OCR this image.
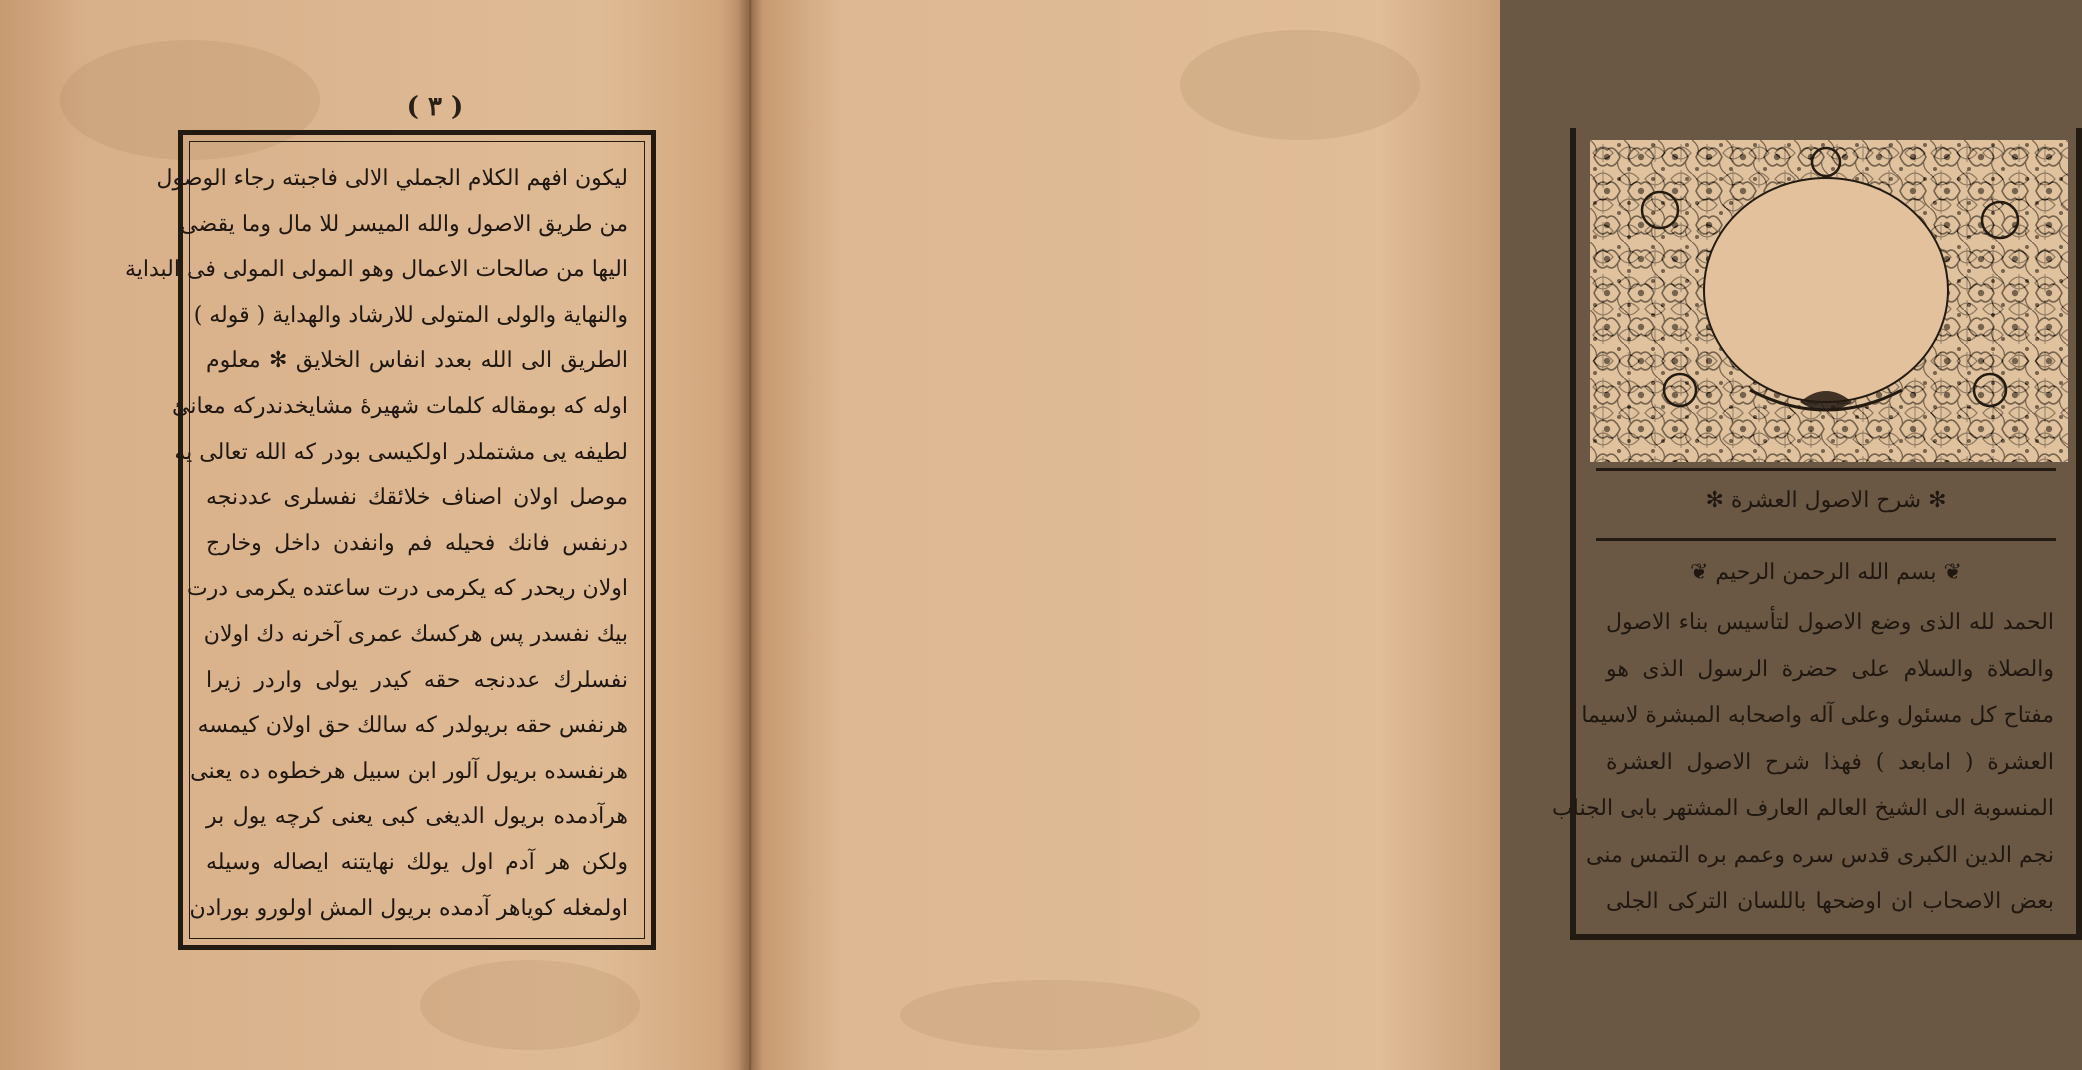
( ٣ )
ليكون افهم الكلام الجملي الالى فاجبته رجاء الوصول
من طريق الاصول والله الميسر للا مال وما يقضى
اليها من صالحات الاعمال وهو المولى المولى فى البداية
والنهاية والولى المتولى للارشاد والهداية ( قوله )
الطريق الى الله بعدد انفاس الخلايق ✻ معلوم
اوله كه بومقاله كلمات شهيرهٔ مشايخدندركه معانئ
لطيفه يى مشتملدر اولكيسى بودر كه الله تعالى يه
موصل اولان اصناف خلائقك نفسلرى عددنجه
درنفس فانك فحيله فم وانفدن داخل وخارج
اولان ريحدر كه يكرمى درت ساعتده يكرمى درت
بيك نفسدر پس هركسك عمرى آخرنه دك اولان
نفسلرك عددنجه حقه كيدر يولى واردر زيرا
هرنفس حقه بريولدر كه سالك حق اولان كيمسه
هرنفسده بريول آلور ابن سبيل هرخطوه ده يعنى
هرآدمده بريول الديغى كبى يعنى كرچه يول بر
ولكن هر آدم اول يولك نهايتنه ايصاله وسيله
اولمغله كوياهر آدمده بريول المش اولورو بورادن
✻ شرح الاصول العشرة ✻
❦ بسم الله الرحمن الرحيم ❦
الحمد لله الذى وضع الاصول لتأسيس بناء الاصول
والصلاة والسلام على حضرة الرسول الذى هو
مفتاح كل مسئول وعلى آله واصحابه المبشرة لاسيما
العشرة ( امابعد ) فهذا شرح الاصول العشرة
المنسوبة الى الشيخ العالم العارف المشتهر بابى الجناب
نجم الدين الكبرى قدس سره وعمم بره التمس منى
بعض الاصحاب ان اوضحها باللسان التركى الجلى
